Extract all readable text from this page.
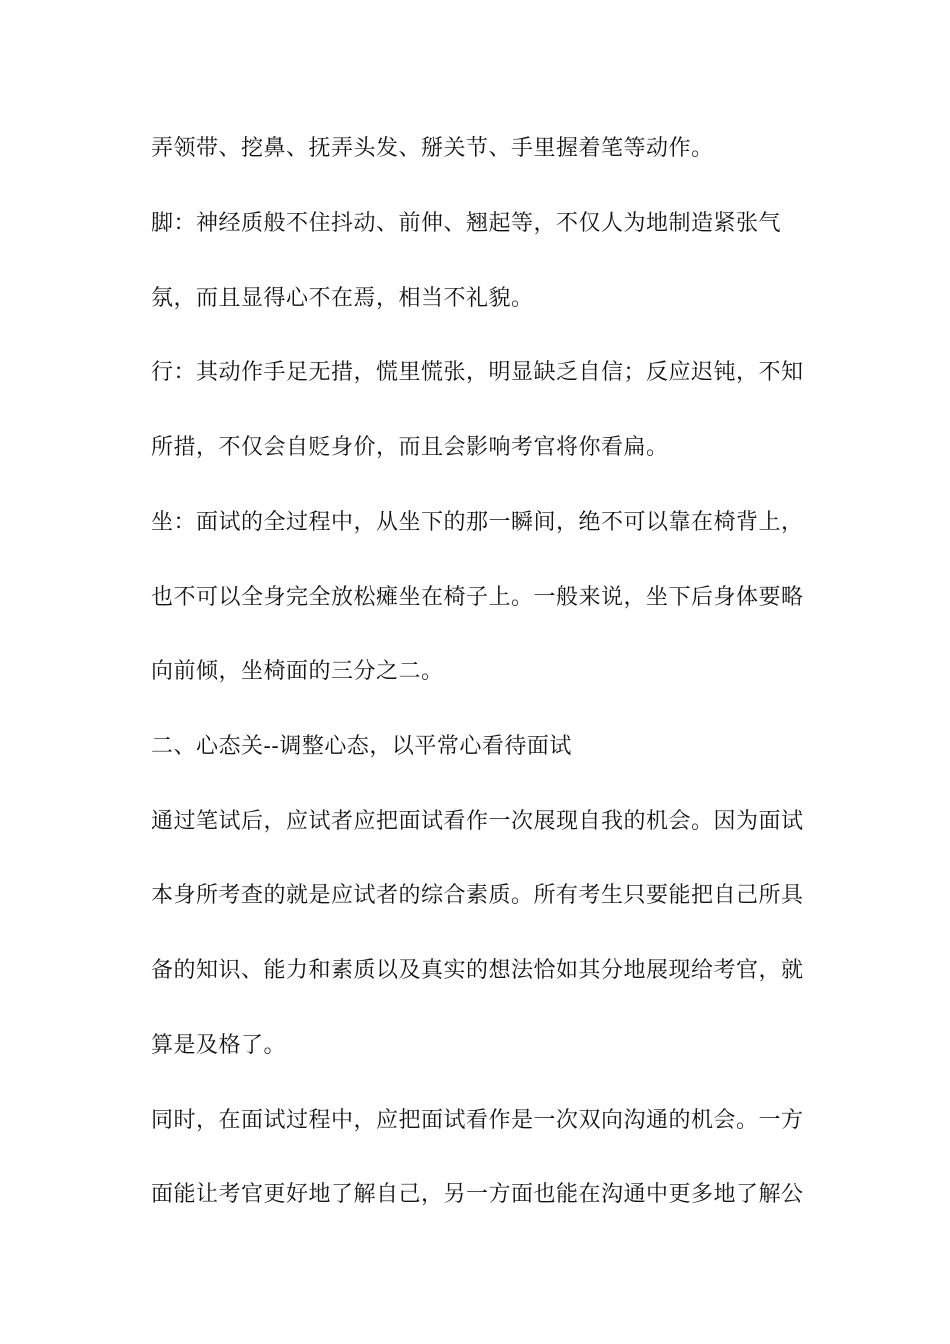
弄领带、挖鼻、抚弄头发、掰关节、手里握着笔等动作。
脚：神经质般不住抖动、前伸、翘起等，不仅人为地制造紧张气
氛，而且显得心不在焉，相当不礼貌。
行：其动作手足无措，慌里慌张，明显缺乏自信；反应迟钝，不知
所措，不仅会自贬身价，而且会影响考官将你看扁。
坐：面试的全过程中，从坐下的那一瞬间，绝不可以靠在椅背上，
也不可以全身完全放松瘫坐在椅子上。一般来说，坐下后身体要略
向前倾，坐椅面的三分之二。
二、心态关--调整心态，以平常心看待面试
通过笔试后，应试者应把面试看作一次展现自我的机会。因为面试
本身所考查的就是应试者的综合素质。所有考生只要能把自己所具
备的知识、能力和素质以及真实的想法恰如其分地展现给考官，就
算是及格了。
同时，在面试过程中，应把面试看作是一次双向沟通的机会。一方
面能让考官更好地了解自己，另一方面也能在沟通中更多地了解公
